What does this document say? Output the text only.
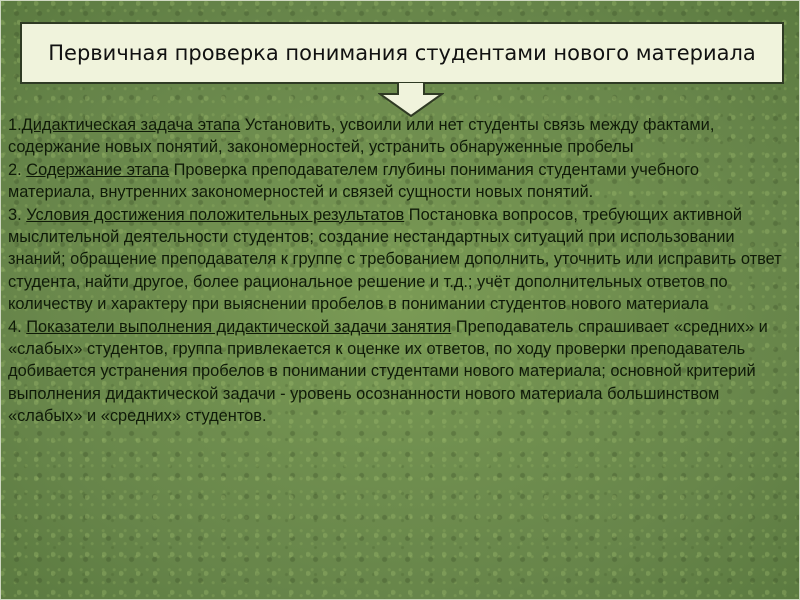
Первичная проверка понимания студентами нового материала

1.Дидактическая задача этапа Установить, усвоили или нет студенты связь между фактами, содержание новых понятий, закономерностей, устранить обнаруженные пробелы

2. Содержание этапа Проверка преподавателем глубины понимания студентами учебного материала, внутренних закономерностей и связей сущности новых понятий.

3. Условия достижения положительных результатов Постановка вопросов, требующих активной мыслительной деятельности студентов; создание нестандартных ситуаций при использовании знаний; обращение преподавателя к группе с требованием дополнить, уточнить или исправить ответ студента, найти другое, более рациональное решение и т.д.; учёт дополнительных ответов по количеству и характеру при выяснении пробелов в понимании студентов нового материала

4. Показатели выполнения дидактической задачи занятия Преподаватель спрашивает «средних» и «слабых» студентов, группа привлекается к оценке их ответов, по ходу проверки преподаватель добивается устранения пробелов в понимании студентами нового материала; основной критерий выполнения дидактической задачи - уровень осознанности нового материала большинством «слабых» и «средних» студентов.
